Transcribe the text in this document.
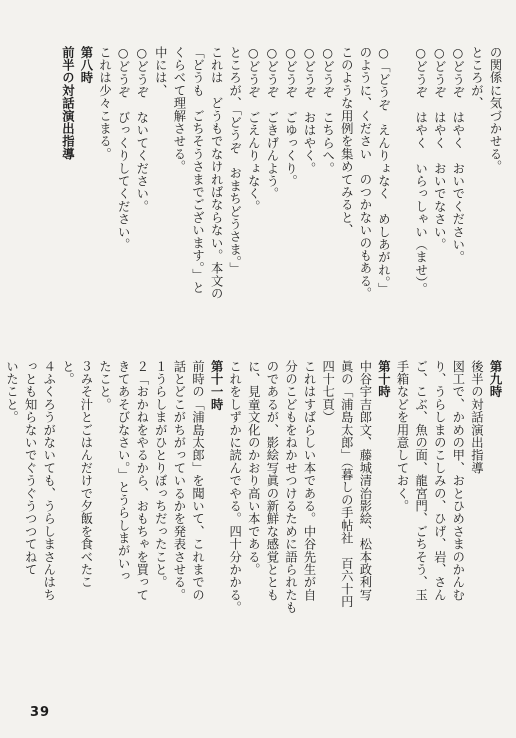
の関係に気づかせる。
ところが、
○どうぞ　はやく　おいでください。
○どうぞ　はやく　おいでなさい。
○どうぞ　はやく　いらっしゃい（ませ）。

○「どうぞ　えんりょなく　めしあがれ。」
のように、ください　のつかないのもある。
このような用例を集めてみると、
○どうぞ　こちらへ。
○どうぞ　おはやく。
○どうぞ　ごゆっくり。
○どうぞ　ごきげんよう。
○どうぞ　ごえんりょなく。
ところが、「どうぞ　おまちどうさま。」
これは　どうもでなければならない。本文の
「どうも　ごちそうさまでございます。」と
くらべて理解させる。
中には、
○どうぞ　ないてください。
○どうぞ　びっくりしてください。
これは少々こまる。
第八時
前半の対話演出指導
第九時
後半の対話演出指導
図工で、かめの甲、おとひめさまのかんむ
り、うらしまのこしみの、ひげ、岩、さん
ご、こぶ、魚の面、龍宮門、ごちそう、玉
手箱などを用意しておく。
第十時
中谷宇吉郎文、藤城清治影絵、松本政利写
眞の「浦島太郎」（暮しの手帖社　百六十円
四十七頁）
これはすばらしい本である。中谷先生が自
分のこどもをねかせつけるために語られたも
のであるが、影絵写眞の新鮮な感覚ととも
に、見童文化のかおり高い本である。
これをしずかに読んでやる。四十分かかる。
第十一時
前時の「浦島太郎」を聞いて、これまでの
話とどこがちがっているかを発表させる。
１うらしまがひとりぼっちだったこと。
２「おかねをやるから、おもちゃを買って
きてあそびなさい。」とうらしまがいっ
たこと。
３みそ汁とごはんだけで夕飯を食べたこ
と。
４ふくろうがないても、うらしまさんはち
っとも知らないでぐうぐうつつてねて
いたこと。
39
